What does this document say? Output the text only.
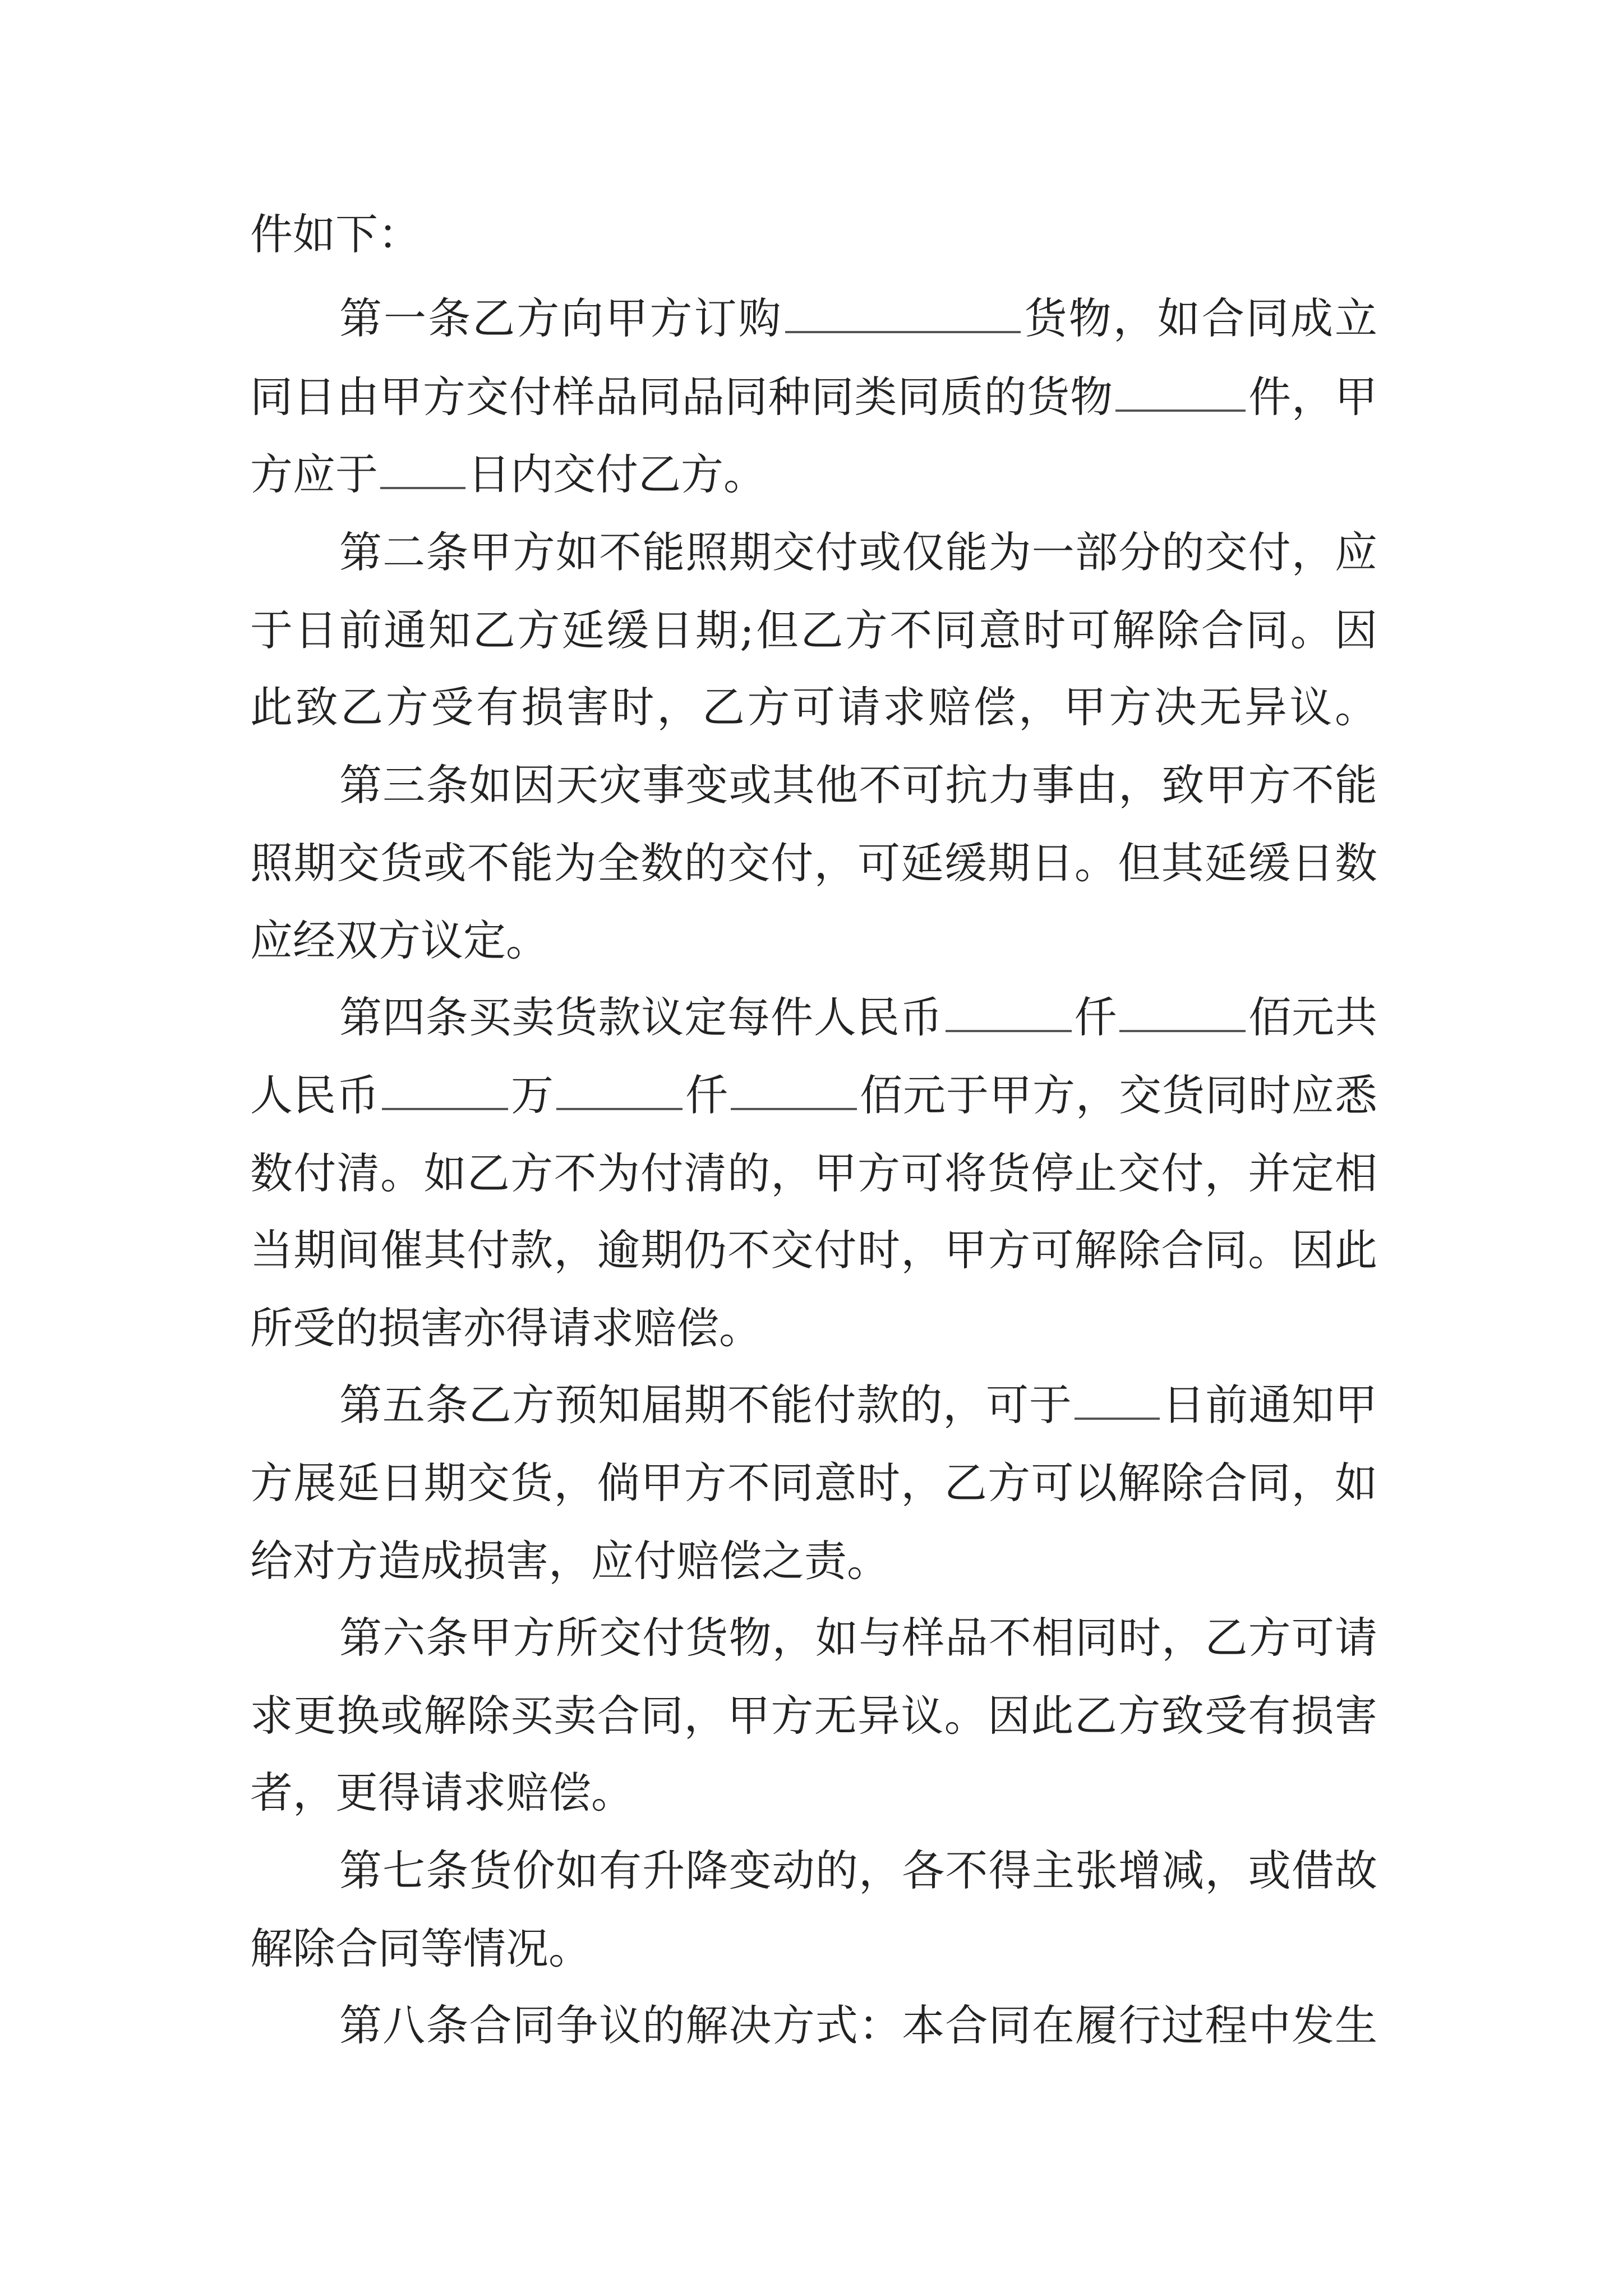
件如下：
第一条乙方向甲方订购	货物，如合同成立
同日由甲方交付样品同品同种同类同质的货物	件，甲
方应于 日内交付乙方。
第二条甲方如不能照期交付或仅能为一部分的交付，应
于日前通知乙方延缓日期;但乙方不同意时可解除合同。因
此致乙方受有损害时，乙方可请求赔偿，甲方决无异议。
第三条如因天灾事变或其他不可抗力事由，致甲方不能
照期交货或不能为全数的交付，可延缓期日。但其延缓日数
应经双方议定。
第四条买卖货款议定每件人民币	仟	佰元共
人民币	万	仟	佰元于甲方，交货同时应悉
数付清。如乙方不为付清的，甲方可将货停止交付，并定相
当期间催其付款，逾期仍不交付时，甲方可解除合同。因此
所受的损害亦得请求赔偿。
第五条乙方预知届期不能付款的，可于 日前通知甲
方展延日期交货，倘甲方不同意时，乙方可以解除合同，如
给对方造成损害，应付赔偿之责。
第六条甲方所交付货物，如与样品不相同时，乙方可请
求更换或解除买卖合同，甲方无异议。因此乙方致受有损害
者，更得请求赔偿。
第七条货价如有升降变动的，各不得主张增减，或借故
解除合同等情况。
第八条合同争议的解决方式：本合同在履行过程中发生
